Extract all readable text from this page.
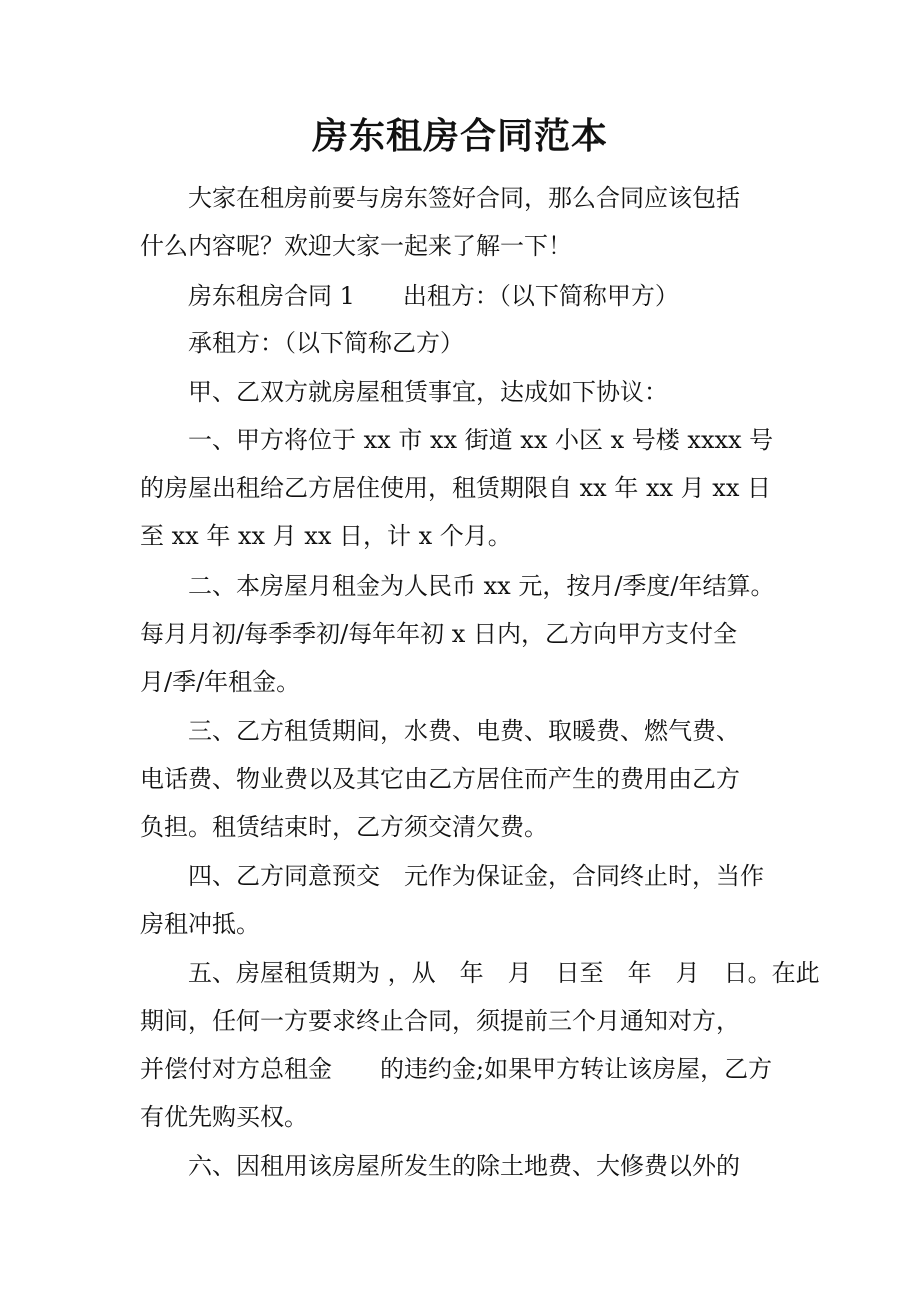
房东租房合同范本
大家在租房前要与房东签好合同，那么合同应该包括
什么内容呢？欢迎大家一起来了解一下！
房东租房合同 1　　出租方：（以下简称甲方）
承租方：（以下简称乙方）
甲、乙双方就房屋租赁事宜，达成如下协议：
一、甲方将位于 xx 市 xx 街道 xx 小区 x 号楼 xxxx 号
的房屋出租给乙方居住使用，租赁期限自 xx 年 xx 月 xx 日
至 xx 年 xx 月 xx 日，计 x 个月。
二、本房屋月租金为人民币 xx 元，按月/季度/年结算。
每月月初/每季季初/每年年初 x 日内，乙方向甲方支付全
月/季/年租金。
三、乙方租赁期间，水费、电费、取暖费、燃气费、
电话费、物业费以及其它由乙方居住而产生的费用由乙方
负担。租赁结束时，乙方须交清欠费。
四、乙方同意预交　元作为保证金，合同终止时，当作
房租冲抵。
五、房屋租赁期为 ，从　年　月　日至　年　月　日。在此
期间，任何一方要求终止合同，须提前三个月通知对方，
并偿付对方总租金　　的违约金;如果甲方转让该房屋，乙方
有优先购买权。
六、因租用该房屋所发生的除土地费、大修费以外的
